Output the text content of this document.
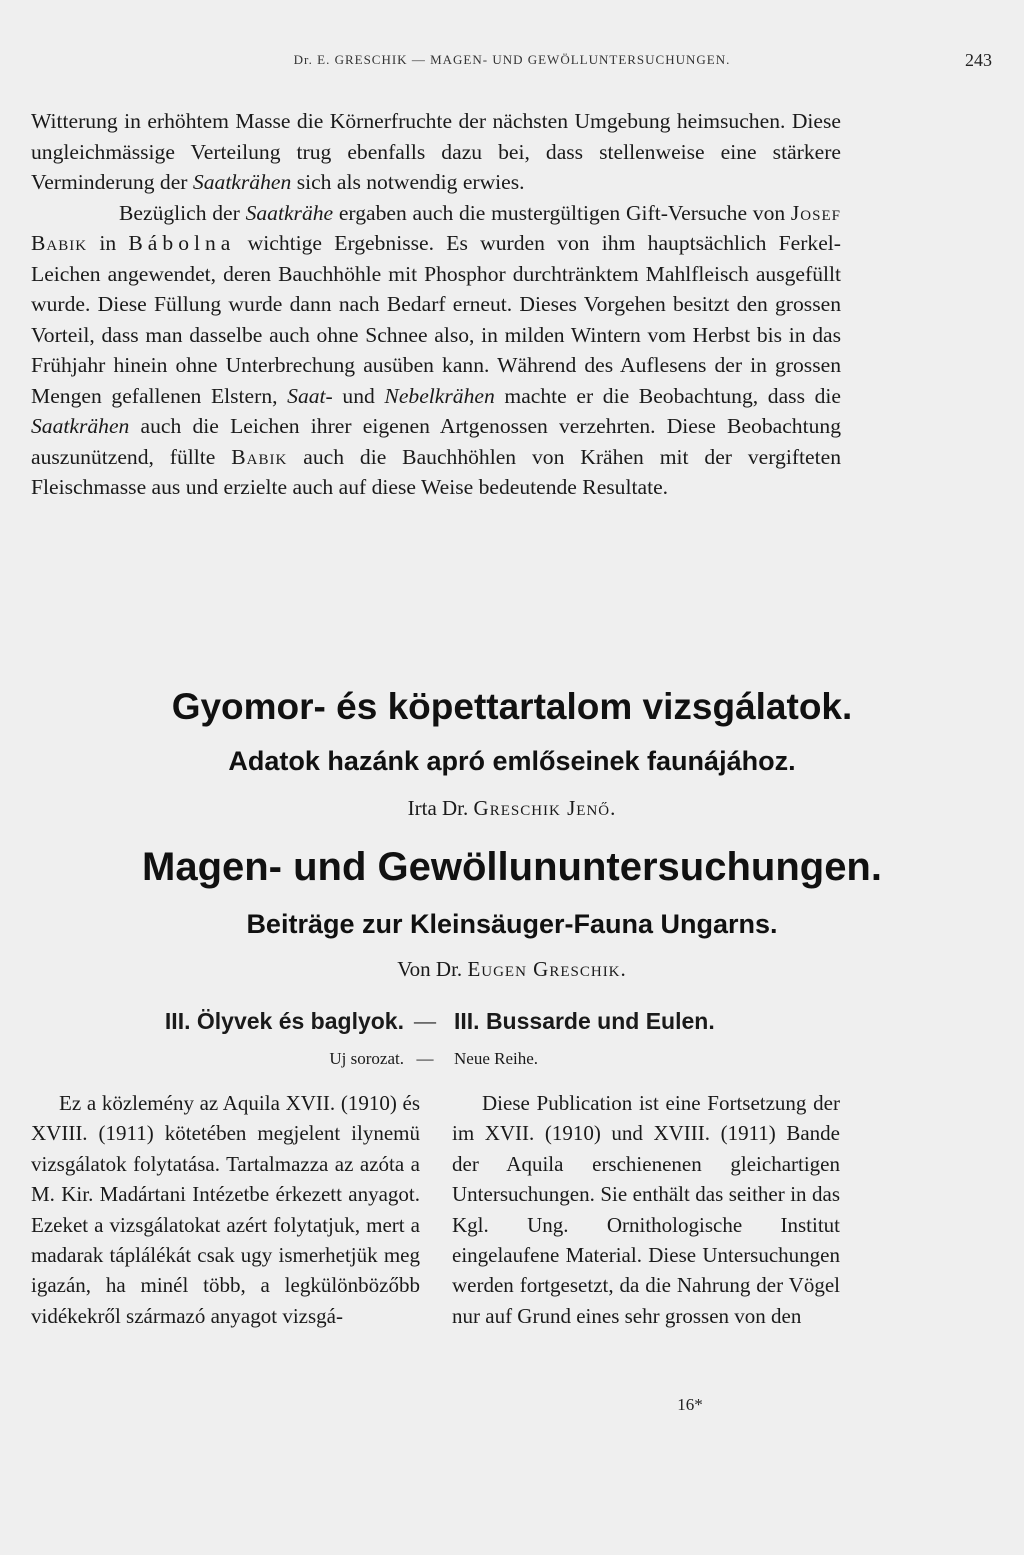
Dr. E. GRESCHIK — MAGEN- UND GEWÖLLUNTERSUCHUNGEN.	243

Witterung in erhöhtem Masse die Körnerfruchte der nächsten Umgebung heimsuchen. Diese ungleichmässige Verteilung trug ebenfalls dazu bei, dass stellenweise eine stärkere Verminderung der Saatkrähen sich als notwendig erwies.

Bezüglich der Saatkrähe ergaben auch die mustergültigen Gift-Versuche von Josef Babik in Bábolna wichtige Ergebnisse. Es wurden von ihm hauptsächlich Ferkel-Leichen angewendet, deren Bauchhöhle mit Phosphor durchtränktem Mahlfleisch ausgefüllt wurde. Diese Füllung wurde dann nach Bedarf erneut. Dieses Vorgehen besitzt den grossen Vorteil, dass man dasselbe auch ohne Schnee also, in milden Wintern vom Herbst bis in das Frühjahr hinein ohne Unterbrechung ausüben kann. Während des Auflesens der in grossen Mengen gefallenen Elstern, Saat- und Nebelkrähen machte er die Beobachtung, dass die Saatkrähen auch die Leichen ihrer eigenen Artgenossen verzehrten. Diese Beobachtung auszunützend, füllte Babik auch die Bauchhöhlen von Krähen mit der vergifteten Fleischmasse aus und erzielte auch auf diese Weise bedeutende Resultate.

Gyomor- és köpettartalom vizsgálatok.
Adatok hazánk apró emlőseinek faunájához.
Irta Dr. Greschik Jenő.
Magen- und Gewöllununtersuchungen.
Beiträge zur Kleinsäuger-Fauna Ungarns.
Von Dr. Eugen Greschik.
III. Ölyvek és baglyok. — III. Bussarde und Eulen.
Uj sorozat. —	Neue Reihe.

Ez a közlemény az Aquila XVII. (1910) és XVIII. (1911) kötetében megjelent ilynemü vizsgálatok folytatása. Tartalmazza az azóta a M. Kir. Madártani Intézetbe érkezett anyagot. Ezeket a vizsgálatokat azért folytatjuk, mert a madarak táplálékát csak ugy ismerhetjük meg igazán, ha minél több, a legkülönbözőbb vidékekről származó anyagot vizsgá-

Diese Publication ist eine Fortsetzung der im XVII. (1910) und XVIII. (1911) Bande der Aquila erschienenen gleichartigen Untersuchungen. Sie enthält das seither in das Kgl. Ung. Ornithologische Institut eingelaufene Material. Diese Untersuchungen werden fortgesetzt, da die Nahrung der Vögel nur auf Grund eines sehr grossen von den

16*
